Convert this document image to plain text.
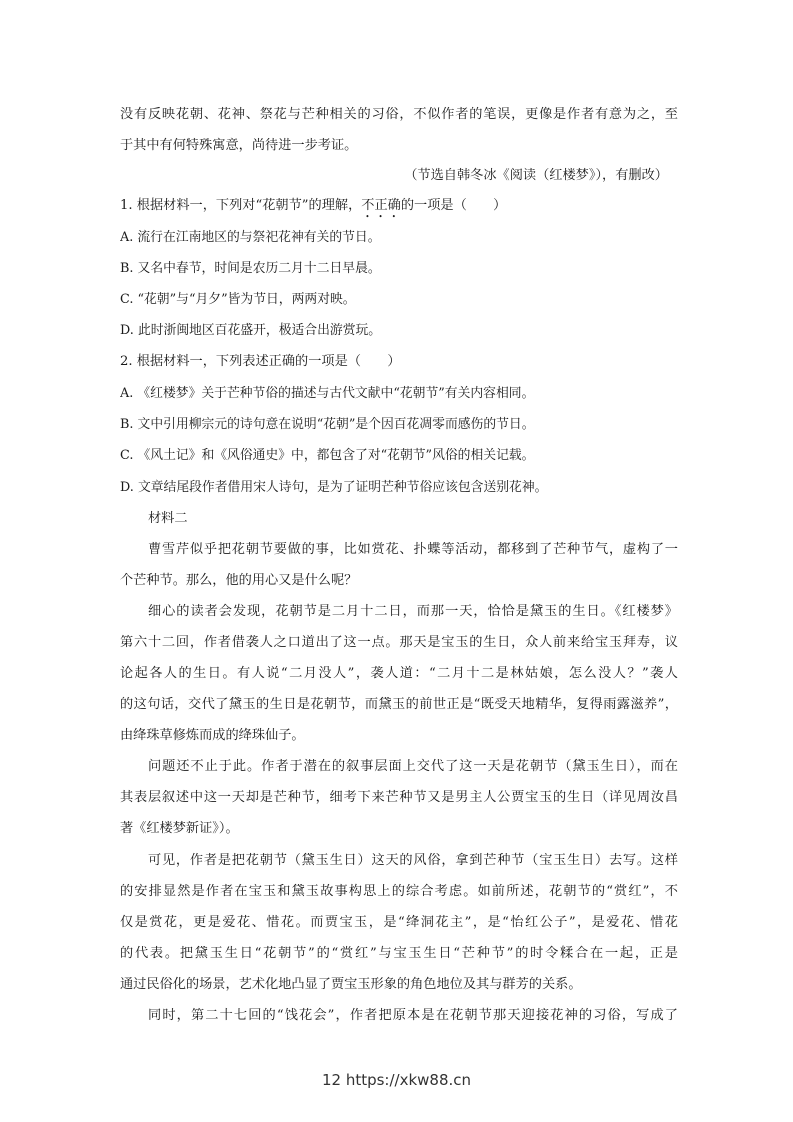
没有反映花朝、花神、祭花与芒种相关的习俗，不似作者的笔误，更像是作者有意为之，至
于其中有何特殊寓意，尚待进一步考证。
（节选自韩冬冰《阅读（红楼梦》），有删改）
1. 根据材料一，下列对“花朝节”的理解，不正确的一项是（　　）
A. 流行在江南地区的与祭祀花神有关的节日。
B. 又名中春节，时间是农历二月十二日早晨。
C. “花朝”与“月夕”皆为节日，两两对映。
D. 此时浙闽地区百花盛开，极适合出游赏玩。
2. 根据材料一，下列表述正确的一项是（　　）
A. 《红楼梦》关于芒种节俗的描述与古代文献中“花朝节”有关内容相同。
B. 文中引用柳宗元的诗句意在说明“花朝”是个因百花凋零而感伤的节日。
C. 《风土记》和《风俗通史》中，都包含了对“花朝节”风俗的相关记载。
D. 文章结尾段作者借用宋人诗句，是为了证明芒种节俗应该包含送别花神。
材料二
曹雪芹似乎把花朝节要做的事，比如赏花、扑蝶等活动，都移到了芒种节气，虚构了一
个芒种节。那么，他的用心又是什么呢？
细心的读者会发现，花朝节是二月十二日，而那一天，恰恰是黛玉的生日。《红楼梦》
第六十二回，作者借袭人之口道出了这一点。那天是宝玉的生日，众人前来给宝玉拜寿，议
论起各人的生日。有人说“二月没人”，袭人道：“二月十二是林姑娘，怎么没人？”袭人
的这句话，交代了黛玉的生日是花朝节，而黛玉的前世正是“既受天地精华，复得雨露滋养”，
由绛珠草修炼而成的绛珠仙子。
问题还不止于此。作者于潜在的叙事层面上交代了这一天是花朝节（黛玉生日），而在
其表层叙述中这一天却是芒种节，细考下来芒种节又是男主人公贾宝玉的生日（详见周汝昌
著《红楼梦新证》）。
可见，作者是把花朝节（黛玉生日）这天的风俗，拿到芒种节（宝玉生日）去写。这样
的安排显然是作者在宝玉和黛玉故事构思上的综合考虑。如前所述，花朝节的“赏红”，不
仅是赏花，更是爱花、惜花。而贾宝玉，是“绛洞花主”，是“怡红公子”，是爱花、惜花
的代表。把黛玉生日“花朝节”的“赏红”与宝玉生日“芒种节”的时令糅合在一起，正是
通过民俗化的场景，艺术化地凸显了贾宝玉形象的角色地位及其与群芳的关系。
同时，第二十七回的“饯花会”，作者把原本是在花朝节那天迎接花神的习俗，写成了
12 https://xkw88.cn
